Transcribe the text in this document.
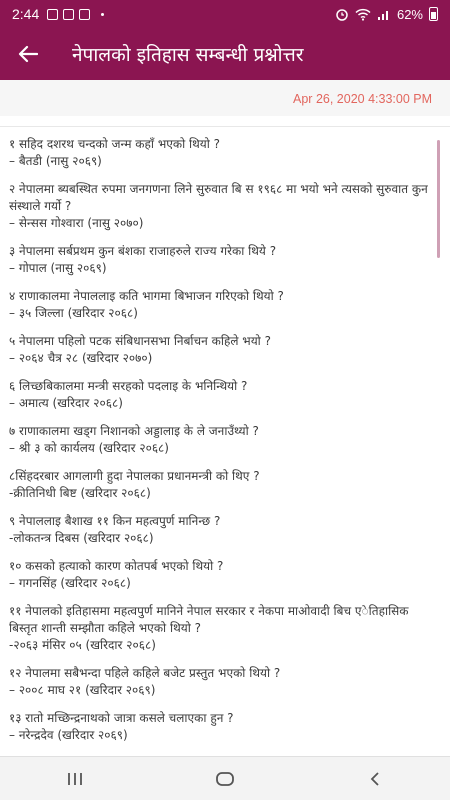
2:44	62%
नेपालको इतिहास सम्बन्धी प्रश्नोत्तर
Apr 26, 2020 4:33:00 PM
१ सहिद दशरथ चन्दको जन्म कहाँ भएको थियो ?
– बैतडी (नासु २०६९)
२ नेपालमा ब्यबस्थित रुपमा जनगणना लिने सुरुवात बि स १९६८ मा भयो भने त्यसको सुरुवात कुन संस्थाले गर्यो ?
– सेन्सस गोश्वारा (नासु २०७०)
३ नेपालमा सर्बप्रथम कुन बंशका राजाहरुले राज्य गरेका थिये ?
– गोपाल (नासु २०६९)
४ राणाकालमा नेपाललाइ कति भागमा बिभाजन गरिएको थियो ?
– ३५ जिल्ला (खरिदार २०६८)
५ नेपालमा पहिलो पटक संबिधानसभा निर्बाचन कहिले भयो ?
– २०६४ चैत्र २८ (खरिदार २०७०)
६ लिच्छबिकालमा मन्त्री सरहको पदलाइ के भनिन्थियो ?
– अमात्य (खरिदार २०६८)
७ राणाकालमा खड्ग निशानको अड्डालाइ के ले जनाउँथ्यो ?
– श्री ३ को कार्यलय (खरिदार २०६८)
८सिंहदरबार आगलागी हुदा नेपालका प्रधानमन्त्री को थिए ?
-क्रीतिनिधी बिष्ट (खरिदार २०६८)
९ नेपाललाइ बैशाख ११ किन महत्वपुर्ण मानिन्छ ?
-लोकतन्त्र दिबस (खरिदार २०६८)
१० कसको हत्याको कारण कोतपर्ब भएको थियो ?
– गगनसिंह (खरिदार २०६८)
११ नेपालको इतिहासमा महत्वपुर्ण मानिने नेपाल सरकार र नेकपा माओवादी बिच एेतिहासिक बिस्तृत शान्ती सम्झौता कहिले भएको थियो ?
-२०६३ मंसिर ०५ (खरिदार २०६८)
१२ नेपालमा सबैभन्दा पहिले कहिले बजेट प्रस्तुत भएको थियो ?
– २००८ माघ २१ (खरिदार २०६९)
१३ रातो मच्छिन्द्रनाथको जात्रा कसले चलाएका हुन ?
– नरेन्द्रदेव (खरिदार २०६९)
